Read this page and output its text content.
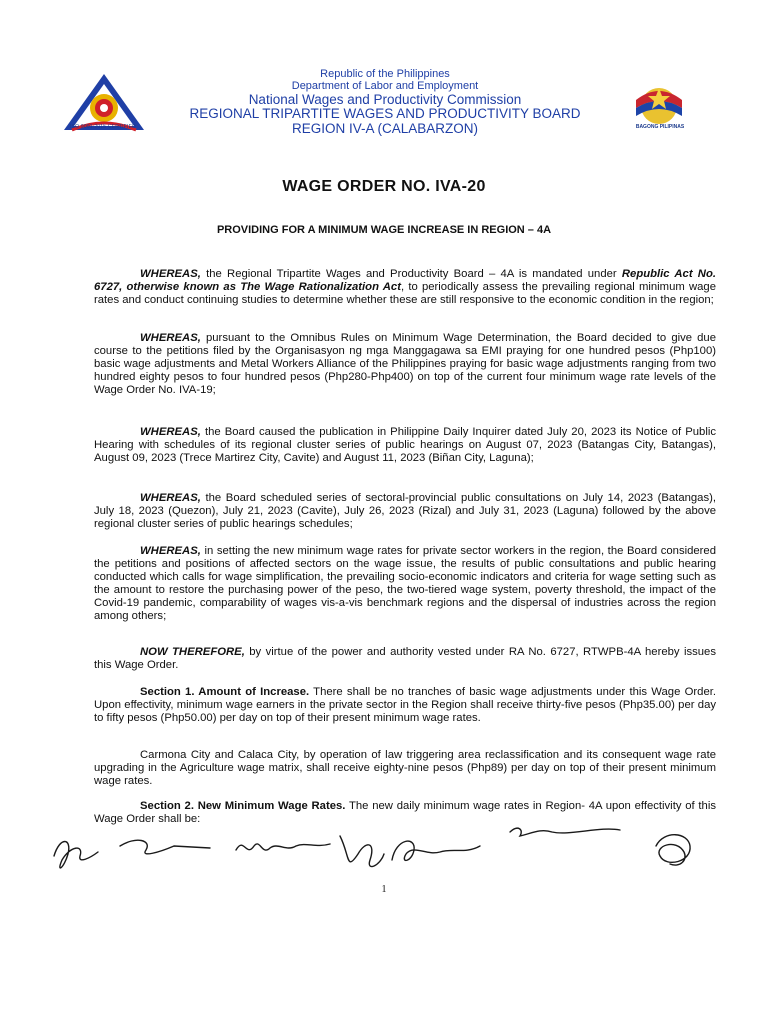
ISO 9001:2015 CERTIFIED	BAGONG PILIPINAS
Republic of the Philippines
Department of Labor and Employment
National Wages and Productivity Commission
REGIONAL TRIPARTITE WAGES AND PRODUCTIVITY BOARD
REGION IV-A (CALABARZON)
WAGE ORDER NO. IVA-20
PROVIDING FOR A MINIMUM WAGE INCREASE IN REGION – 4A
WHEREAS, the Regional Tripartite Wages and Productivity Board – 4A is mandated under Republic Act No. 6727, otherwise known as The Wage Rationalization Act, to periodically assess the prevailing regional minimum wage rates and conduct continuing studies to determine whether these are still responsive to the economic condition in the region;
WHEREAS, pursuant to the Omnibus Rules on Minimum Wage Determination, the Board decided to give due course to the petitions filed by the Organisasyon ng mga Manggagawa sa EMI praying for one hundred pesos (Php100) basic wage adjustments and Metal Workers Alliance of the Philippines praying for basic wage adjustments ranging from two hundred eighty pesos to four hundred pesos (Php280-Php400) on top of the current four minimum wage rate levels of the Wage Order No. IVA-19;
WHEREAS, the Board caused the publication in Philippine Daily Inquirer dated July 20, 2023 its Notice of Public Hearing with schedules of its regional cluster series of public hearings on August 07, 2023 (Batangas City, Batangas), August 09, 2023 (Trece Martirez City, Cavite) and August 11, 2023 (Biñan City, Laguna);
WHEREAS, the Board scheduled series of sectoral-provincial public consultations on July 14, 2023 (Batangas), July 18, 2023 (Quezon), July 21, 2023 (Cavite), July 26, 2023 (Rizal) and July 31, 2023 (Laguna) followed by the above regional cluster series of public hearings schedules;
WHEREAS, in setting the new minimum wage rates for private sector workers in the region, the Board considered the petitions and positions of affected sectors on the wage issue, the results of public consultations and public hearing conducted which calls for wage simplification, the prevailing socio-economic indicators and criteria for wage setting such as the amount to restore the purchasing power of the peso, the two-tiered wage system, poverty threshold, the impact of the Covid-19 pandemic, comparability of wages vis-a-vis benchmark regions and the dispersal of industries across the region among others;
NOW THEREFORE, by virtue of the power and authority vested under RA No. 6727, RTWPB-4A hereby issues this Wage Order.
Section 1. Amount of Increase. There shall be no tranches of basic wage adjustments under this Wage Order. Upon effectivity, minimum wage earners in the private sector in the Region shall receive thirty-five pesos (Php35.00) per day to fifty pesos (Php50.00) per day on top of their present minimum wage rates.
Carmona City and Calaca City, by operation of law triggering area reclassification and its consequent wage rate upgrading in the Agriculture wage matrix, shall receive eighty-nine pesos (Php89) per day on top of their present minimum wage rates.
Section 2. New Minimum Wage Rates. The new daily minimum wage rates in Region- 4A upon effectivity of this Wage Order shall be:
1
